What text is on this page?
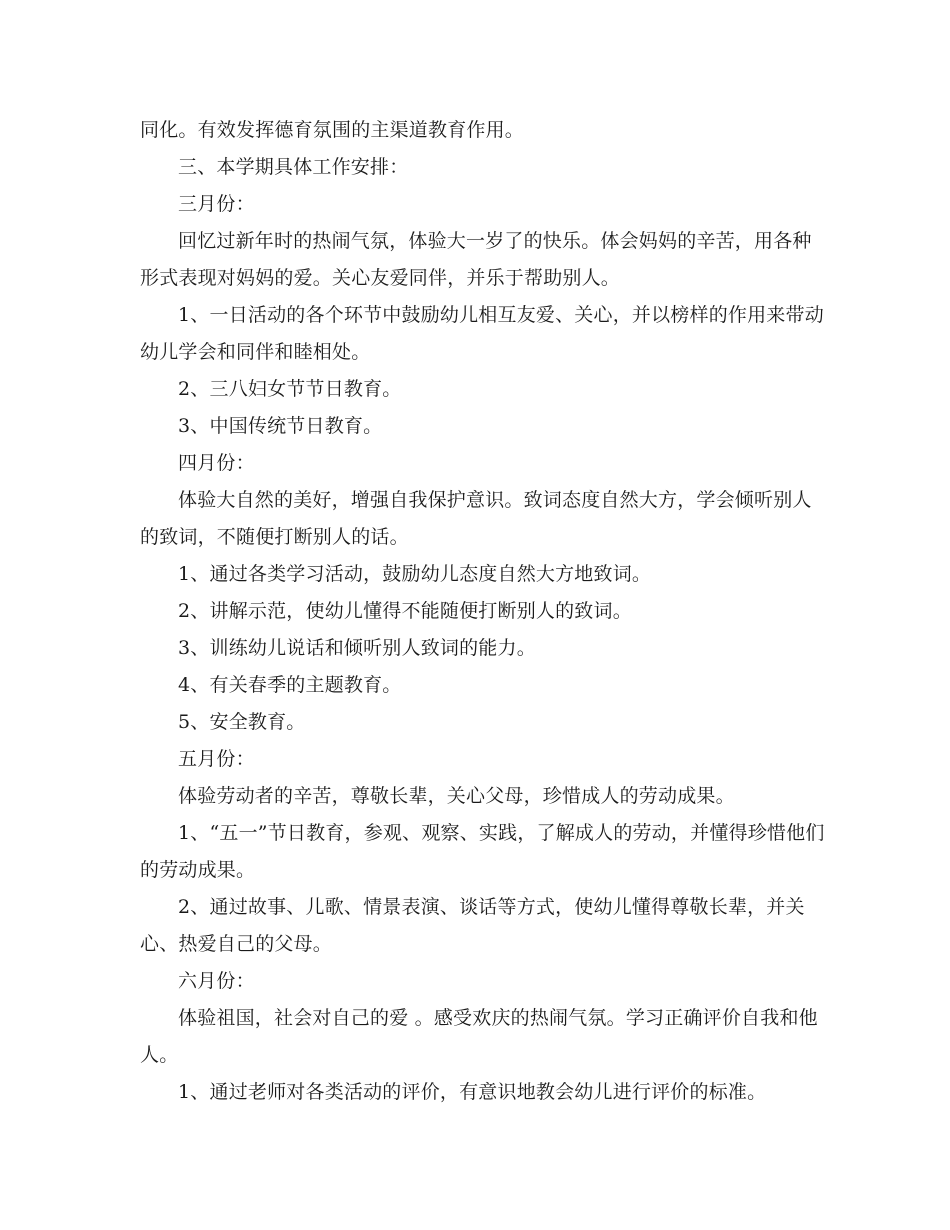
同化。有效发挥德育氛围的主渠道教育作用。
三、本学期具体工作安排：
三月份：
回忆过新年时的热闹气氛，体验大一岁了的快乐。体会妈妈的辛苦，用各种
形式表现对妈妈的爱。关心友爱同伴，并乐于帮助别人。
1、一日活动的各个环节中鼓励幼儿相互友爱、关心，并以榜样的作用来带动
幼儿学会和同伴和睦相处。
2、三八妇女节节日教育。
3、中国传统节日教育。
四月份：
体验大自然的美好，增强自我保护意识。致词态度自然大方，学会倾听别人
的致词，不随便打断别人的话。
1、通过各类学习活动，鼓励幼儿态度自然大方地致词。
2、讲解示范，使幼儿懂得不能随便打断别人的致词。
3、训练幼儿说话和倾听别人致词的能力。
4、有关春季的主题教育。
5、安全教育。
五月份：
体验劳动者的辛苦，尊敬长辈，关心父母，珍惜成人的劳动成果。
1、“五一”节日教育，参观、观察、实践，了解成人的劳动，并懂得珍惜他们
的劳动成果。
2、通过故事、儿歌、情景表演、谈话等方式，使幼儿懂得尊敬长辈，并关
心、热爱自己的父母。
六月份：
体验祖国，社会对自己的爱 。感受欢庆的热闹气氛。学习正确评价自我和他
人。
1、通过老师对各类活动的评价，有意识地教会幼儿进行评价的标准。
